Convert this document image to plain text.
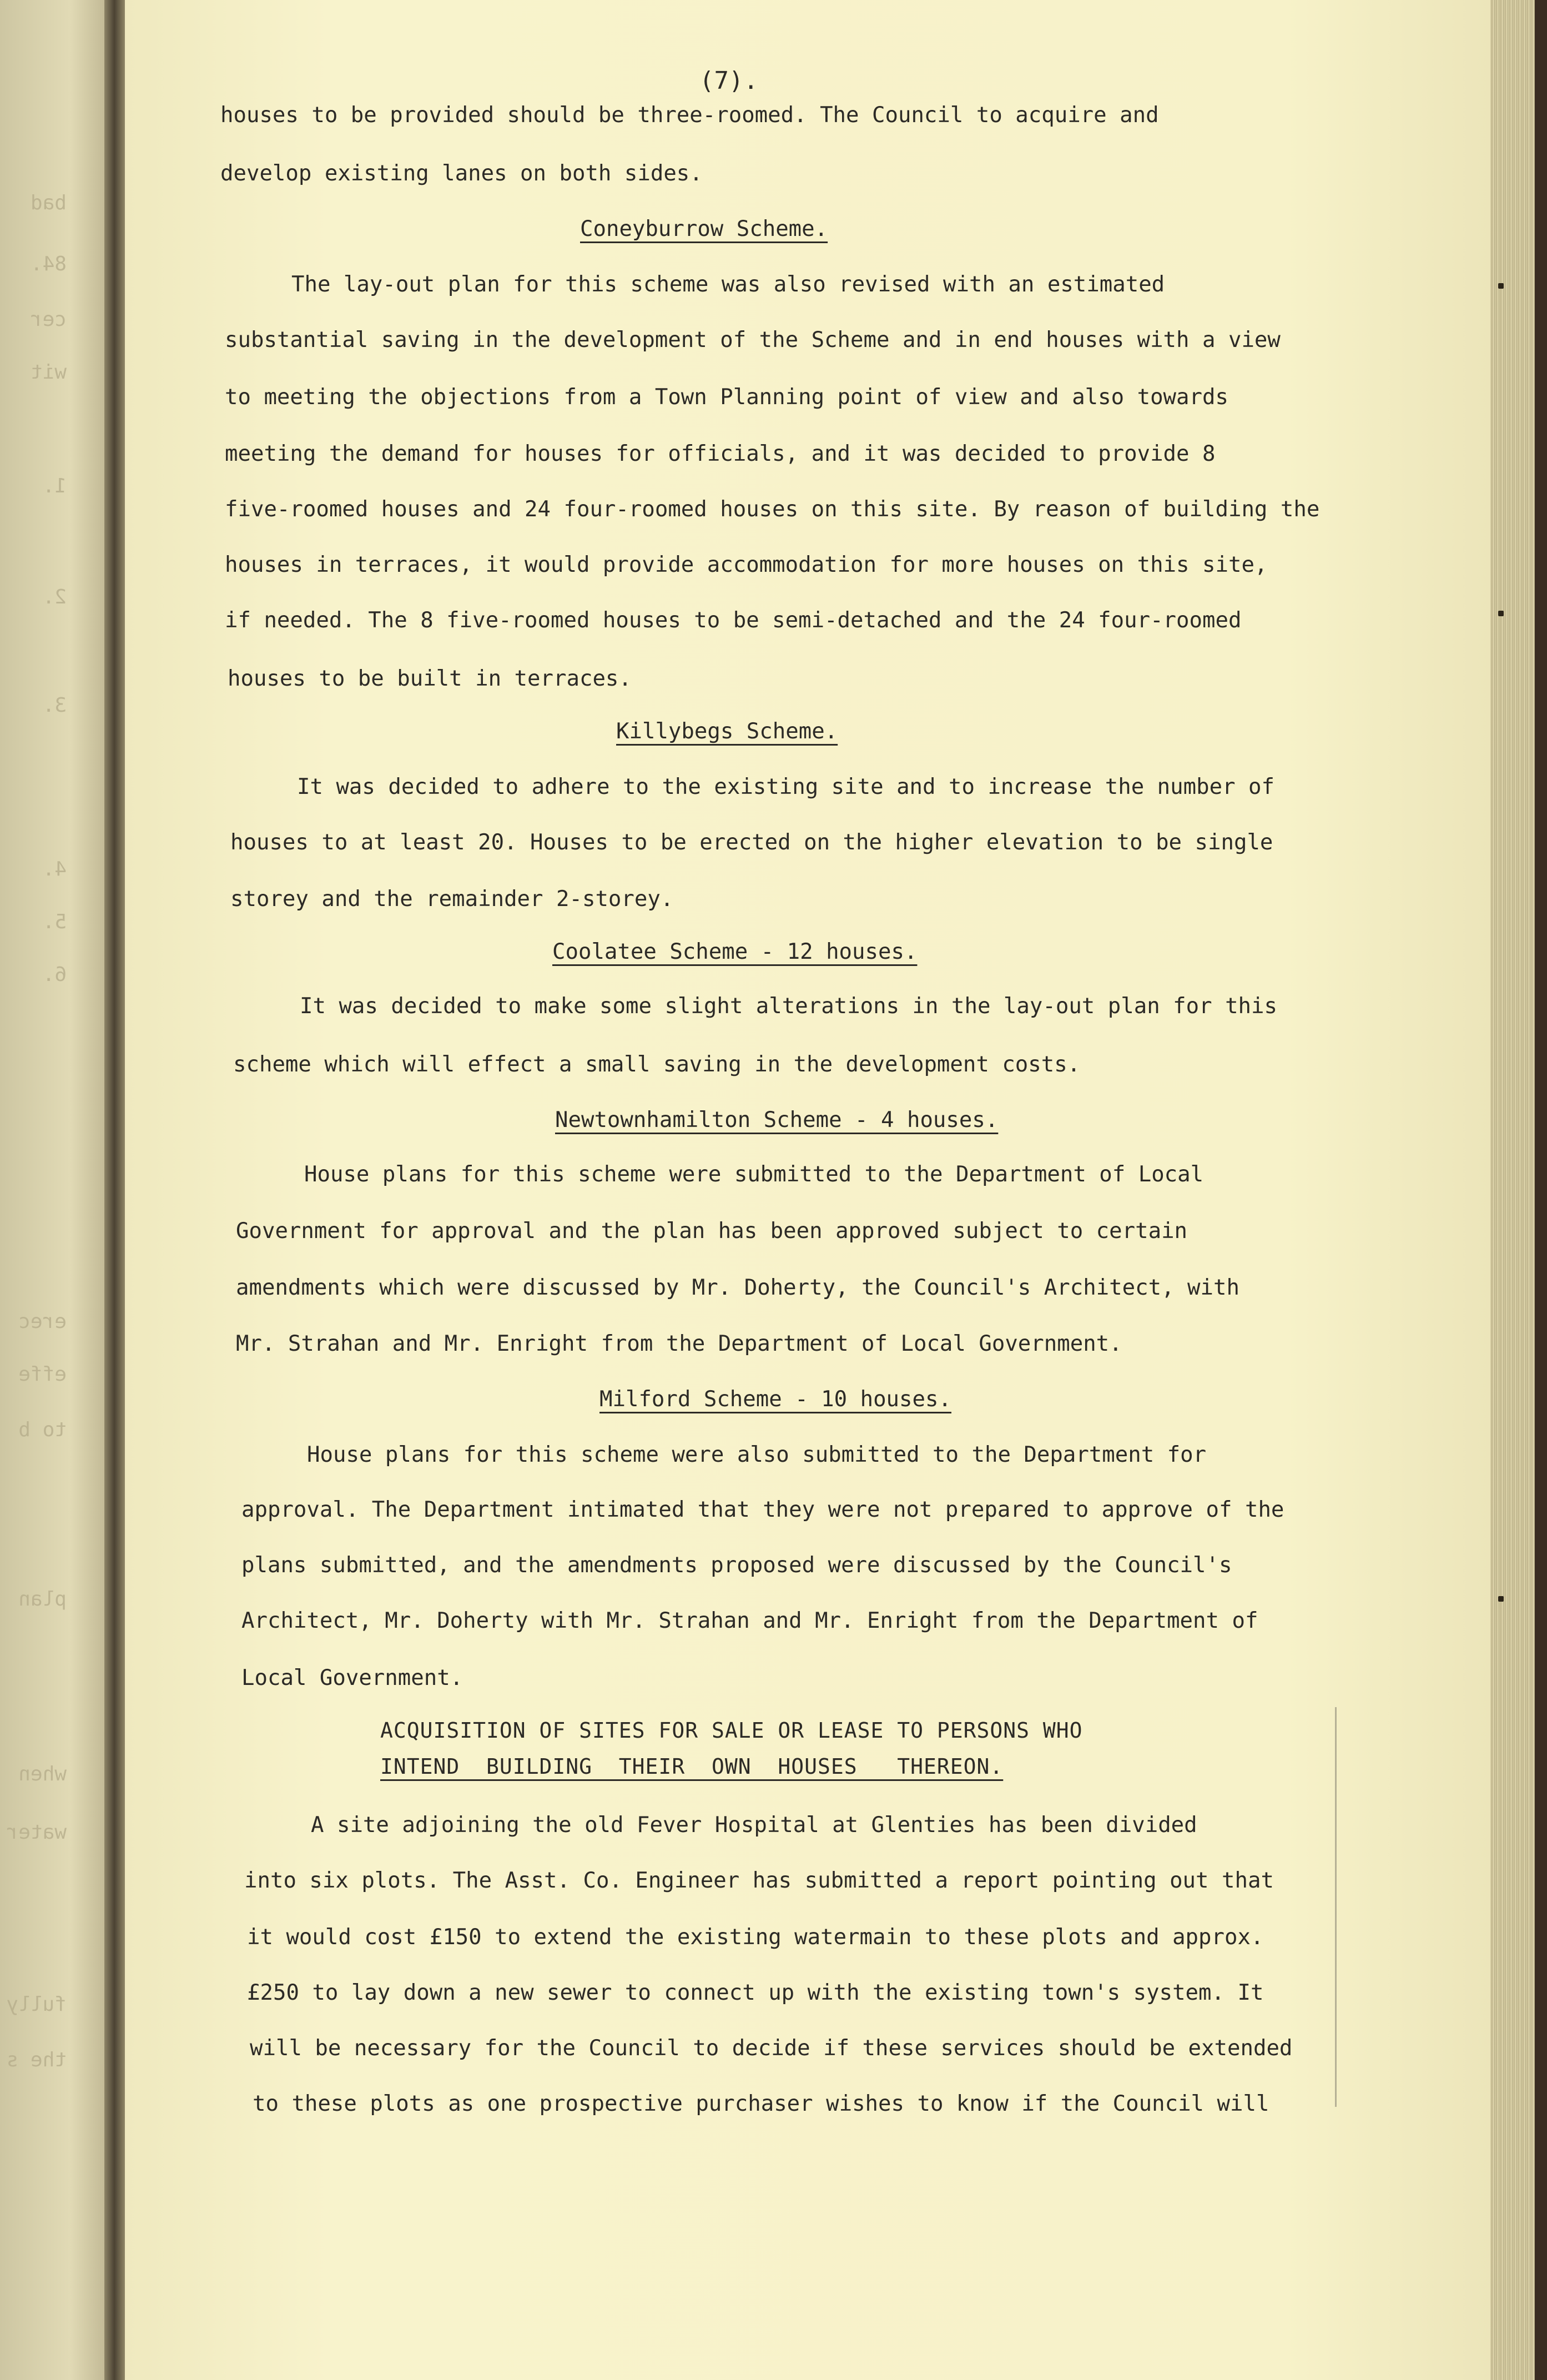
bad
84.
cer
wit
1.
2.
3.
4.
5.
6.
erec
effe
to b
plan
when
water
fully
the s
(7).
houses to be provided should be three-roomed. The Council to acquire and
develop existing lanes on both sides.
Coneyburrow Scheme.
The lay-out plan for this scheme was also revised with an estimated
substantial saving in the development of the Scheme and in end houses with a view
to meeting the objections from a Town Planning point of view and also towards
meeting the demand for houses for officials, and it was decided to provide 8
five-roomed houses and 24 four-roomed houses on this site. By reason of building the
houses in terraces, it would provide accommodation for more houses on this site,
if needed. The 8 five-roomed houses to be semi-detached and the 24 four-roomed
houses to be built in terraces.
Killybegs Scheme.
It was decided to adhere to the existing site and to increase the number of
houses to at least 20. Houses to be erected on the higher elevation to be single
storey and the remainder 2-storey.
Coolatee Scheme - 12 houses.
It was decided to make some slight alterations in the lay-out plan for this
scheme which will effect a small saving in the development costs.
Newtownhamilton Scheme - 4 houses.
House plans for this scheme were submitted to the Department of Local
Government for approval and the plan has been approved subject to certain
amendments which were discussed by Mr. Doherty, the Council's Architect, with
Mr. Strahan and Mr. Enright from the Department of Local Government.
Milford Scheme - 10 houses.
House plans for this scheme were also submitted to the Department for
approval. The Department intimated that they were not prepared to approve of the
plans submitted, and the amendments proposed were discussed by the Council's
Architect, Mr. Doherty with Mr. Strahan and Mr. Enright from the Department of
Local Government.
ACQUISITION OF SITES FOR SALE OR LEASE TO PERSONS WHO
INTEND  BUILDING  THEIR  OWN  HOUSES   THEREON.
A site adjoining the old Fever Hospital at Glenties has been divided
into six plots. The Asst. Co. Engineer has submitted a report pointing out that
it would cost £150 to extend the existing watermain to these plots and approx.
£250 to lay down a new sewer to connect up with the existing town's system. It
will be necessary for the Council to decide if these services should be extended
to these plots as one prospective purchaser wishes to know if the Council will
